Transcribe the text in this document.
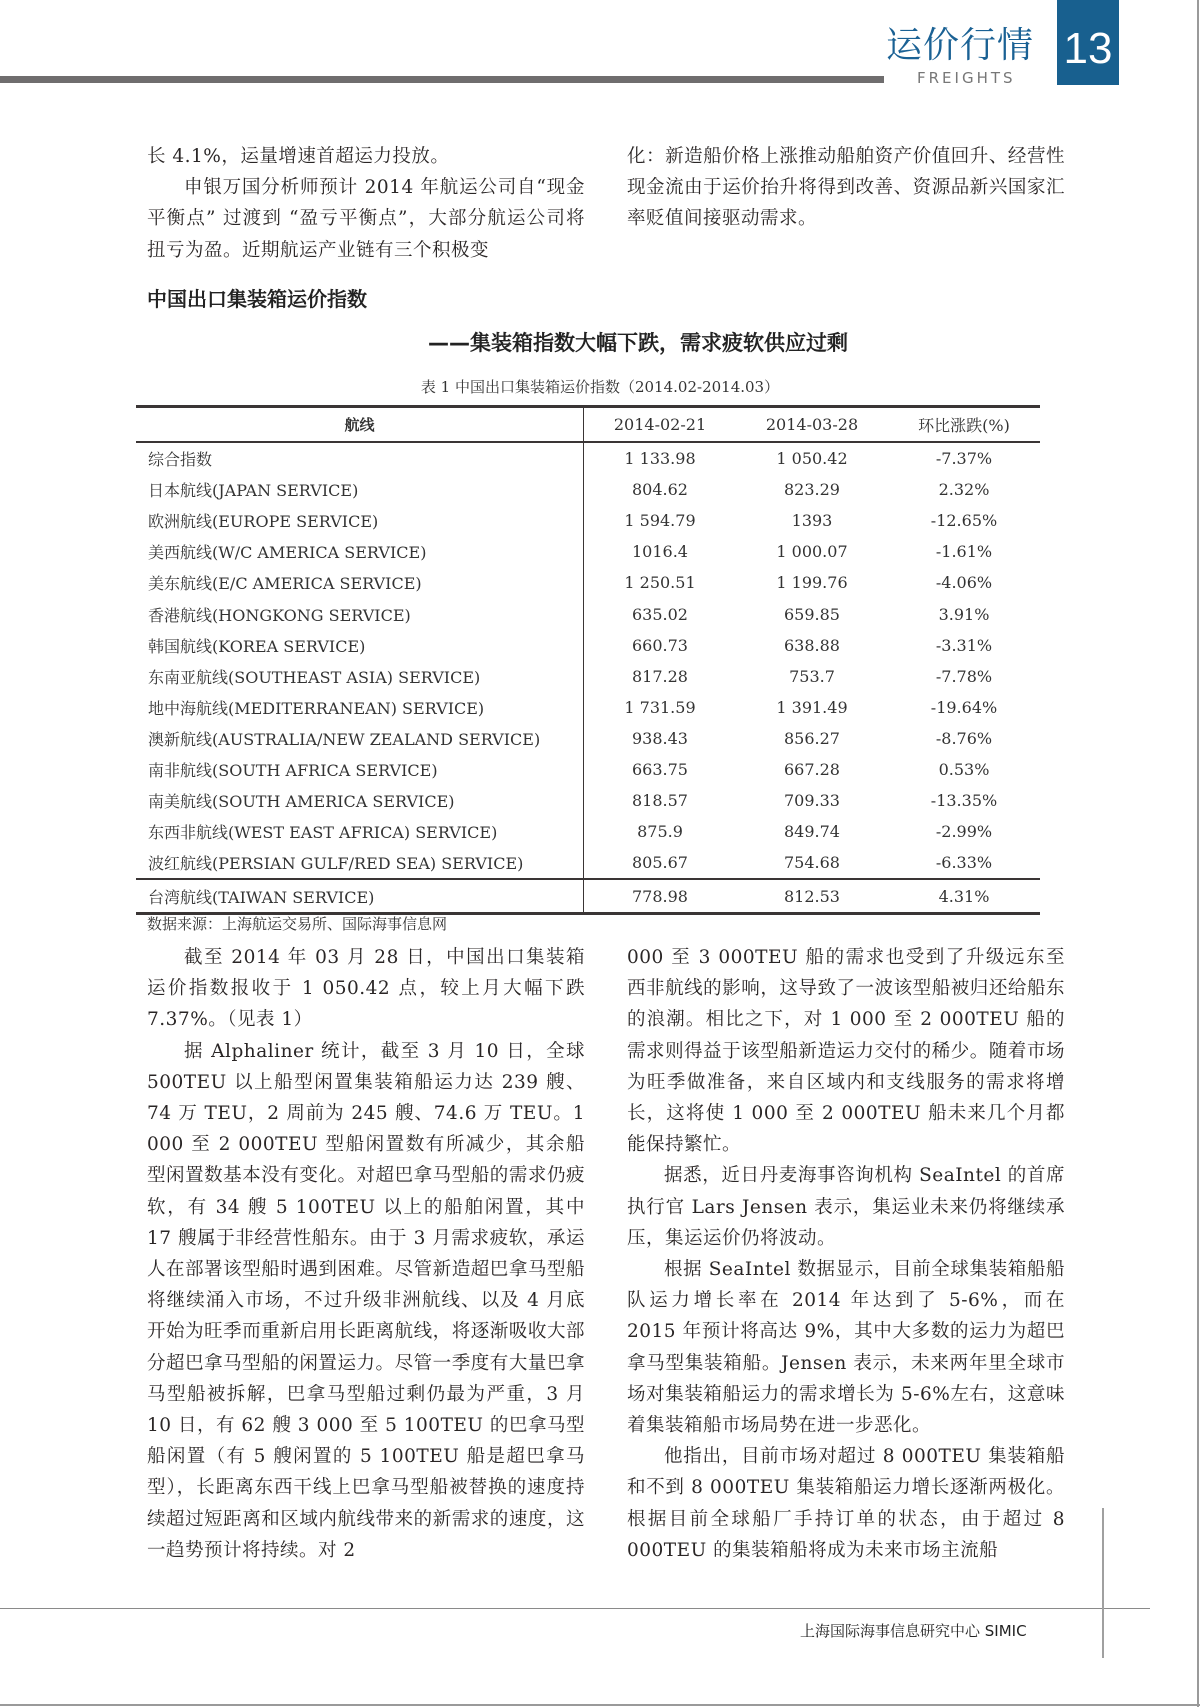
运价行情
FREIGHTS
13

长 4.1%，运量增速首超运力投放。

申银万国分析师预计 2014 年航运公司自“现金平衡点” 过渡到 “盈亏平衡点”，大部分航运公司将扭亏为盈。近期航运产业链有三个积极变

化：新造船价格上涨推动船舶资产价值回升、经营性现金流由于运价抬升将得到改善、资源品新兴国家汇率贬值间接驱动需求。

中国出口集装箱运价指数
——集装箱指数大幅下跌，需求疲软供应过剩
表 1 中国出口集装箱运价指数（2014.02-2014.03）
航线	2014-02-21	2014-03-28	环比涨跌(%)
综合指数	1 133.98	1 050.42	-7.37%
日本航线(JAPAN SERVICE)	804.62	823.29	2.32%
欧洲航线(EUROPE SERVICE)	1 594.79	1393	-12.65%
美西航线(W/C AMERICA SERVICE)	1016.4	1 000.07	-1.61%
美东航线(E/C AMERICA SERVICE)	1 250.51	1 199.76	-4.06%
香港航线(HONGKONG SERVICE)	635.02	659.85	3.91%
韩国航线(KOREA SERVICE)	660.73	638.88	-3.31%
东南亚航线(SOUTHEAST ASIA) SERVICE)	817.28	753.7	-7.78%
地中海航线(MEDITERRANEAN) SERVICE)	1 731.59	1 391.49	-19.64%
澳新航线(AUSTRALIA/NEW ZEALAND SERVICE)	938.43	856.27	-8.76%
南非航线(SOUTH AFRICA SERVICE)	663.75	667.28	0.53%
南美航线(SOUTH AMERICA SERVICE)	818.57	709.33	-13.35%
东西非航线(WEST EAST AFRICA) SERVICE)	875.9	849.74	-2.99%
波红航线(PERSIAN GULF/RED SEA) SERVICE)	805.67	754.68	-6.33%
台湾航线(TAIWAN SERVICE)	778.98	812.53	4.31%
数据来源：上海航运交易所、国际海事信息网

截至 2014 年 03 月 28 日，中国出口集装箱运价指数报收于 1 050.42 点，较上月大幅下跌 7.37%。（见表 1）

据 Alphaliner 统计，截至 3 月 10 日，全球 500TEU 以上船型闲置集装箱船运力达 239 艘、74 万 TEU，2 周前为 245 艘、74.6 万 TEU。1 000 至 2 000TEU 型船闲置数有所减少，其余船型闲置数基本没有变化。对超巴拿马型船的需求仍疲软，有 34 艘 5 100TEU 以上的船舶闲置，其中 17 艘属于非经营性船东。由于 3 月需求疲软，承运人在部署该型船时遇到困难。尽管新造超巴拿马型船将继续涌入市场，不过升级非洲航线、以及 4 月底开始为旺季而重新启用长距离航线，将逐渐吸收大部分超巴拿马型船的闲置运力。尽管一季度有大量巴拿马型船被拆解，巴拿马型船过剩仍最为严重，3 月 10 日，有 62 艘 3 000 至 5 100TEU 的巴拿马型船闲置（有 5 艘闲置的 5 100TEU 船是超巴拿马型），长距离东西干线上巴拿马型船被替换的速度持续超过短距离和区域内航线带来的新需求的速度，这一趋势预计将持续。对 2

000 至 3 000TEU 船的需求也受到了升级远东至西非航线的影响，这导致了一波该型船被归还给船东的浪潮。相比之下，对 1 000 至 2 000TEU 船的需求则得益于该型船新造运力交付的稀少。随着市场为旺季做准备，来自区域内和支线服务的需求将增长，这将使 1 000 至 2 000TEU 船未来几个月都能保持繁忙。

据悉，近日丹麦海事咨询机构 SeaIntel 的首席执行官 Lars Jensen 表示，集运业未来仍将继续承压，集运运价仍将波动。

根据 SeaIntel 数据显示，目前全球集装箱船船队运力增长率在 2014 年达到了 5-6%，而在 2015 年预计将高达 9%，其中大多数的运力为超巴拿马型集装箱船。Jensen 表示，未来两年里全球市场对集装箱船运力的需求增长为 5-6%左右，这意味着集装箱船市场局势在进一步恶化。

他指出，目前市场对超过 8 000TEU 集装箱船和不到 8 000TEU 集装箱船运力增长逐渐两极化。根据目前全球船厂手持订单的状态，由于超过 8 000TEU 的集装箱船将成为未来市场主流船

上海国际海事信息研究中心 SIMIC
